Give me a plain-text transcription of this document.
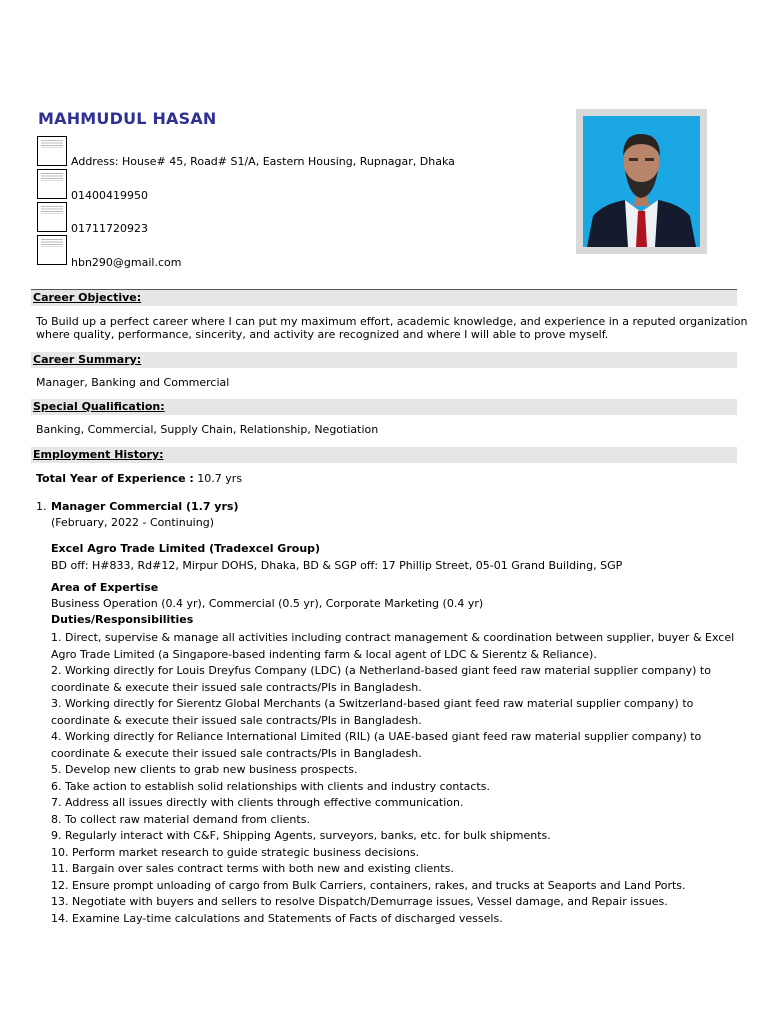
MAHMUDUL HASAN
Address: House# 45, Road# S1/A, Eastern Housing, Rupnagar, Dhaka
01400419950
01711720923
hbn290@gmail.com
Career Objective:
To Build up a perfect career where I can put my maximum effort, academic knowledge, and experience in a reputed organization
where quality, performance, sincerity, and activity are recognized and where I will able to prove myself.
Career Summary:
Manager, Banking and Commercial
Special Qualification:
Banking, Commercial, Supply Chain, Relationship, Negotiation
Employment History:
Total Year of Experience : 10.7 yrs
1. Manager Commercial (1.7 yrs)
(February, 2022 - Continuing)
Excel Agro Trade Limited (Tradexcel Group)
BD off: H#833, Rd#12, Mirpur DOHS, Dhaka, BD & SGP off: 17 Phillip Street, 05-01 Grand Building, SGP
Area of Expertise
Business Operation (0.4 yr), Commercial (0.5 yr), Corporate Marketing (0.4 yr)
Duties/Responsibilities
1. Direct, supervise & manage all activities including contract management & coordination between supplier, buyer & Excel
Agro Trade Limited (a Singapore-based indenting farm & local agent of LDC & Sierentz & Reliance).
2. Working directly for Louis Dreyfus Company (LDC) (a Netherland-based giant feed raw material supplier company) to
coordinate & execute their issued sale contracts/PIs in Bangladesh.
3. Working directly for Sierentz Global Merchants (a Switzerland-based giant feed raw material supplier company) to
coordinate & execute their issued sale contracts/PIs in Bangladesh.
4. Working directly for Reliance International Limited (RIL) (a UAE-based giant feed raw material supplier company) to
coordinate & execute their issued sale contracts/PIs in Bangladesh.
5. Develop new clients to grab new business prospects.
6. Take action to establish solid relationships with clients and industry contacts.
7. Address all issues directly with clients through effective communication.
8. To collect raw material demand from clients.
9. Regularly interact with C&F, Shipping Agents, surveyors, banks, etc. for bulk shipments.
10. Perform market research to guide strategic business decisions.
11. Bargain over sales contract terms with both new and existing clients.
12. Ensure prompt unloading of cargo from Bulk Carriers, containers, rakes, and trucks at Seaports and Land Ports.
13. Negotiate with buyers and sellers to resolve Dispatch/Demurrage issues, Vessel damage, and Repair issues.
14. Examine Lay-time calculations and Statements of Facts of discharged vessels.
